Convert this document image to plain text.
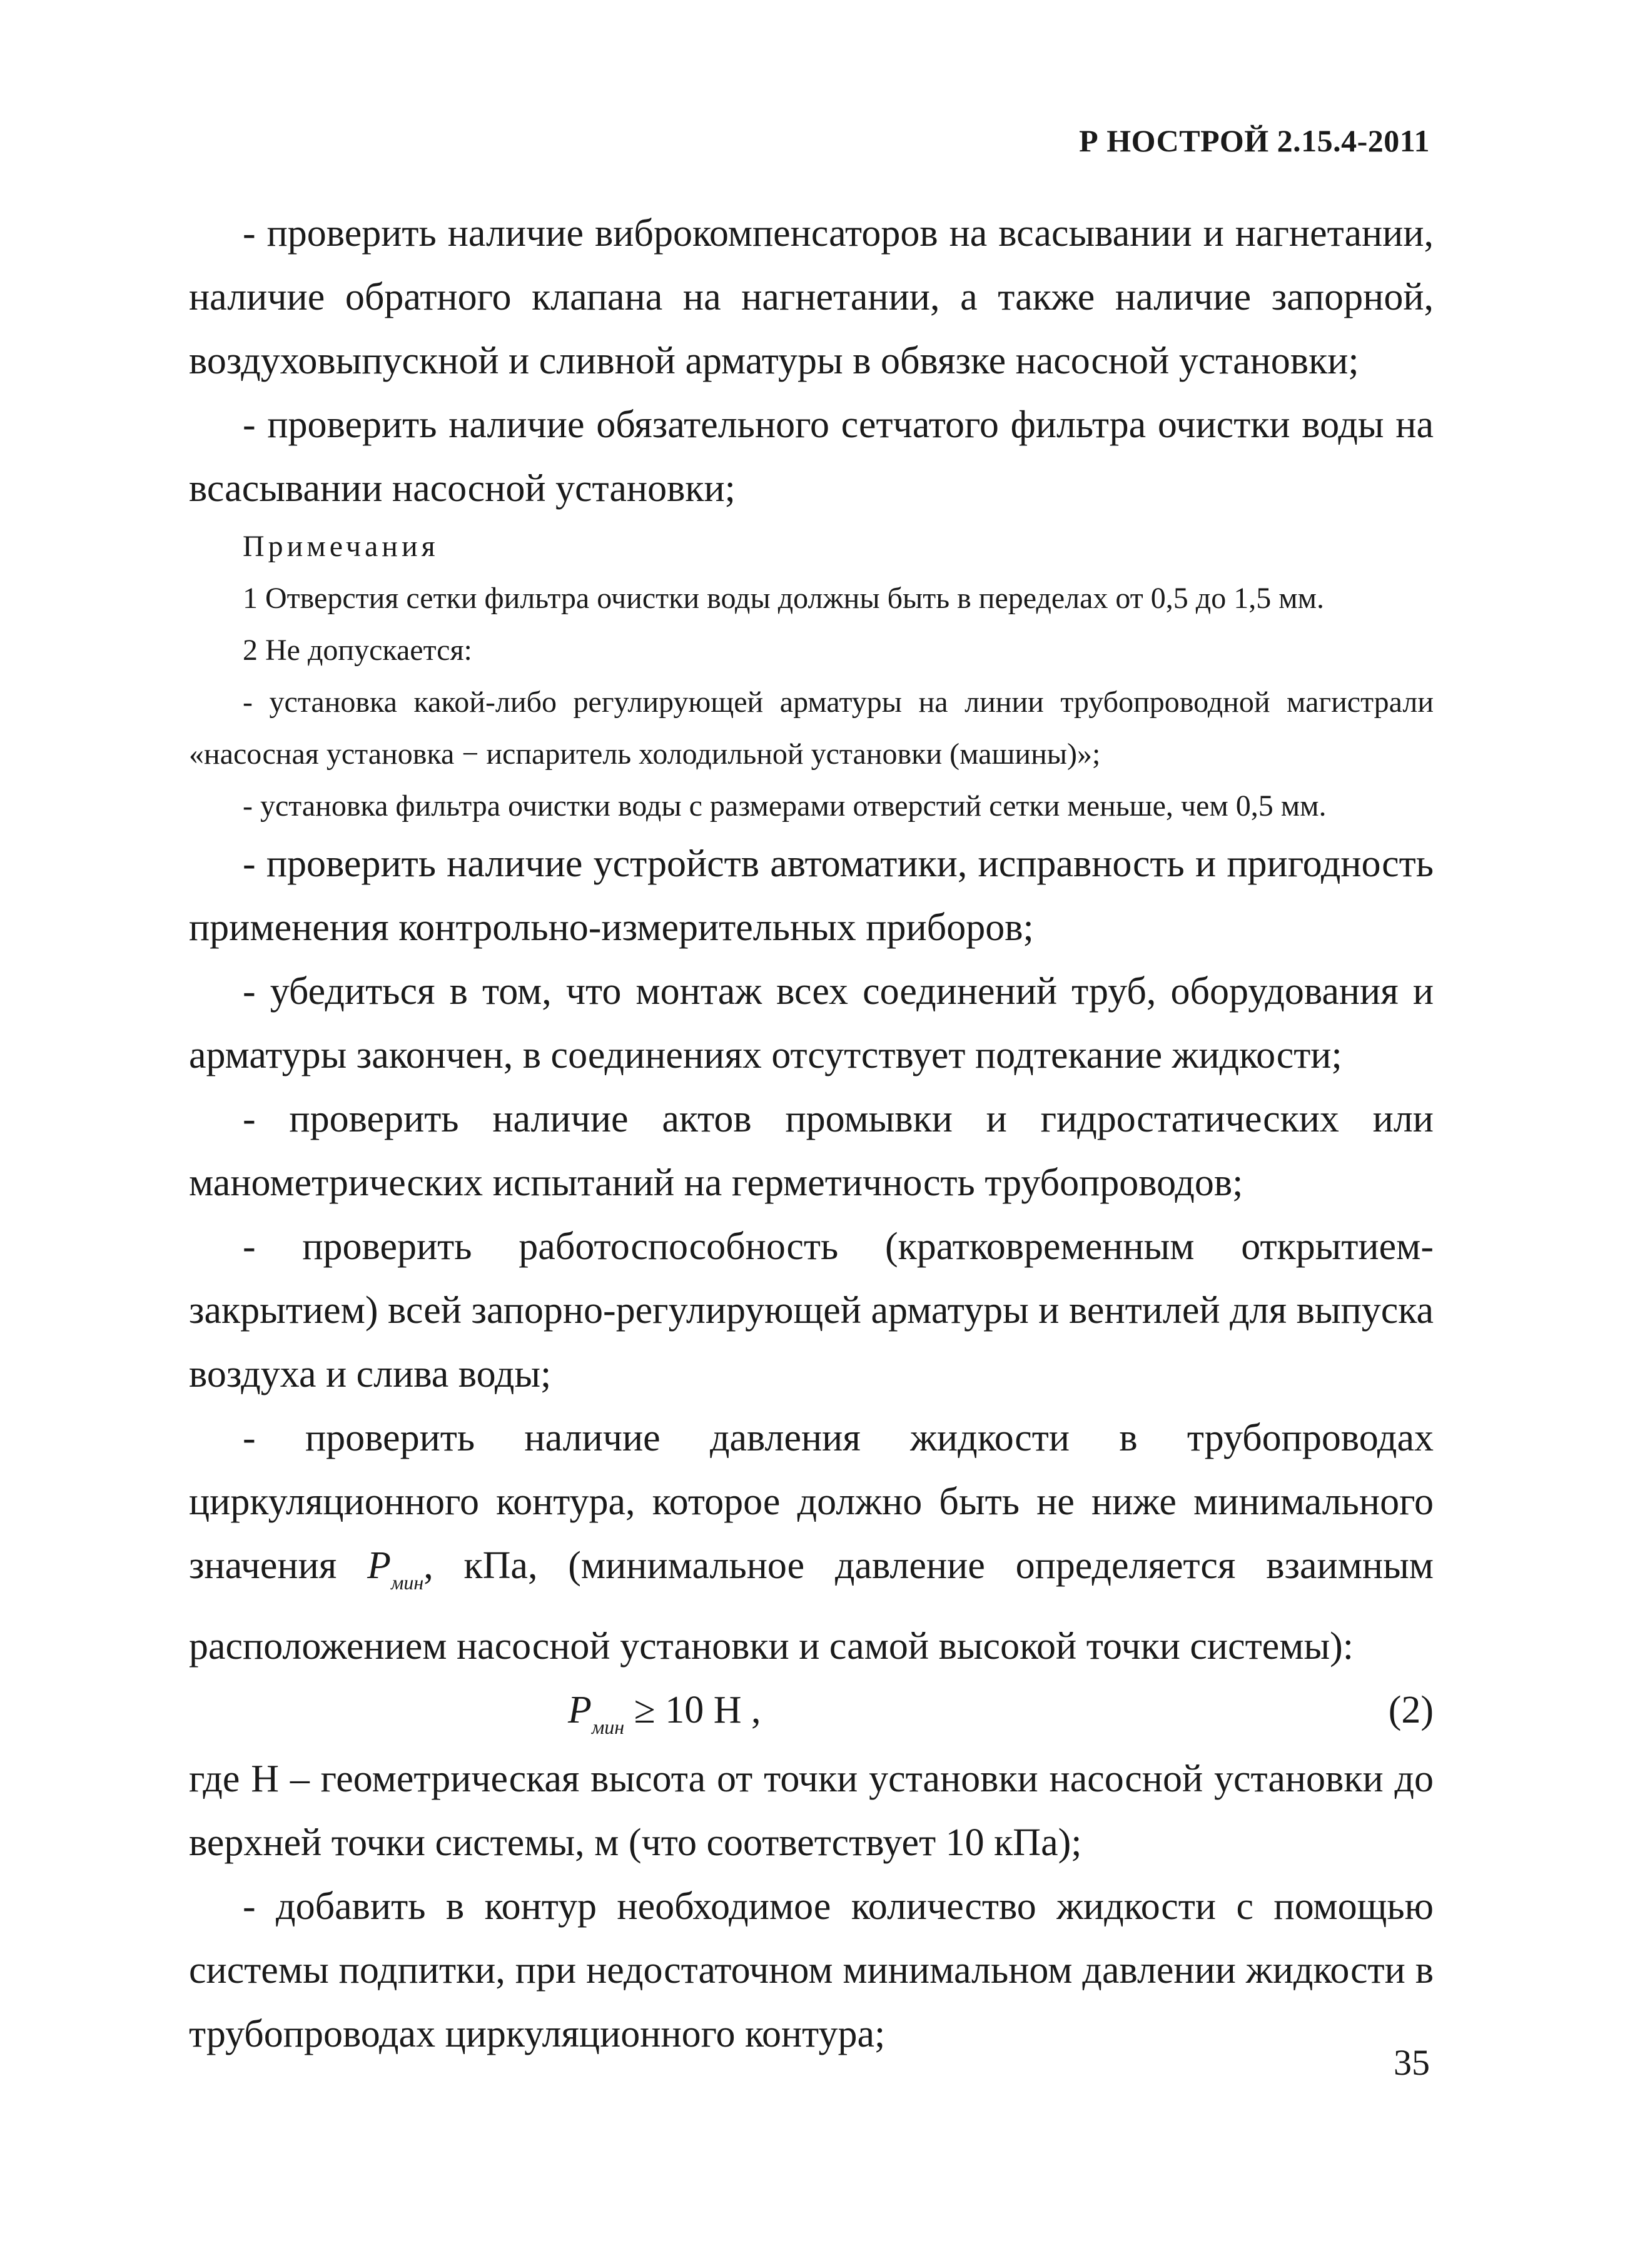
Р НОСТРОЙ 2.15.4-2011

- проверить наличие виброкомпенсаторов на всасывании и нагнетании, наличие обратного клапана на нагнетании, а также наличие запорной, воздуховыпускной и сливной арматуры в обвязке насосной установки;

- проверить наличие обязательного сетчатого фильтра очистки воды на всасывании насосной установки;

Примечания

1 Отверстия сетки фильтра очистки воды должны быть в переделах от 0,5 до 1,5 мм.

2 Не допускается:

- установка какой-либо регулирующей арматуры на линии трубопроводной магистрали «насосная установка − испаритель холодильной установки (машины)»;

- установка фильтра очистки воды с размерами отверстий сетки меньше, чем 0,5 мм.

- проверить наличие устройств автоматики, исправность и пригодность применения контрольно-измерительных приборов;

- убедиться в том, что монтаж всех соединений труб, оборудования и арматуры закончен, в соединениях отсутствует подтекание жидкости;

- проверить наличие актов промывки и гидростатических или манометрических испытаний на герметичность трубопроводов;

- проверить работоспособность (кратковременным открытием-закрытием) всей запорно-регулирующей арматуры и вентилей для выпуска воздуха и слива воды;

- проверить наличие давления жидкости в трубопроводах циркуляционного контура, которое должно быть не ниже минимального значения $P_{мин}$, кПа, (минимальное давление определяется взаимным расположением насосной установки и самой высокой точки системы):

$P_{мин} \ge 10$ Н ,	(2)

где Н – геометрическая высота от точки установки насосной установки до верхней точки системы, м (что соответствует 10 кПа);

- добавить в контур необходимое количество жидкости с помощью системы подпитки, при недостаточном минимальном давлении жидкости в трубопроводах циркуляционного контура;

35
